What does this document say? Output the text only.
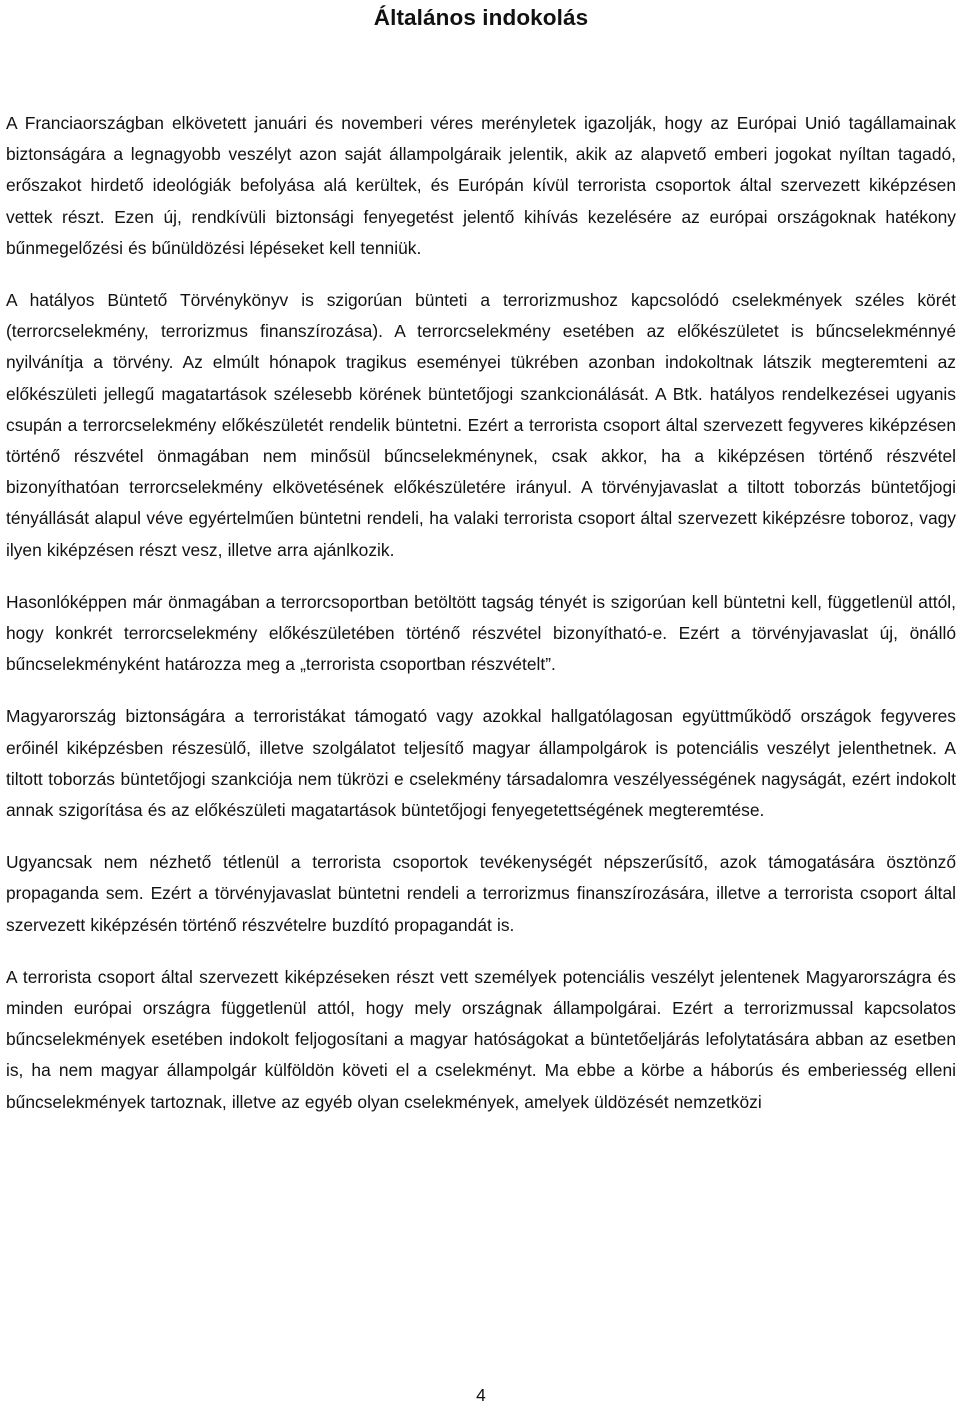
Általános indokolás

A Franciaországban elkövetett januári és novemberi véres merényletek igazolják, hogy az Európai Unió tagállamainak biztonságára a legnagyobb veszélyt azon saját állampolgáraik jelentik, akik az alapvető emberi jogokat nyíltan tagadó, erőszakot hirdető ideológiák befolyása alá kerültek, és Európán kívül terrorista csoportok által szervezett kiképzésen vettek részt. Ezen új, rendkívüli biztonsági fenyegetést jelentő kihívás kezelésére az európai országoknak hatékony bűnmegelőzési és bűnüldözési lépéseket kell tenniük.

A hatályos Büntető Törvénykönyv is szigorúan bünteti a terrorizmushoz kapcsolódó cselekmények széles körét (terrorcselekmény, terrorizmus finanszírozása). A terrorcselekmény esetében az előkészületet is bűncselekménnyé nyilvánítja a törvény. Az elmúlt hónapok tragikus eseményei tükrében azonban indokoltnak látszik megteremteni az előkészületi jellegű magatartások szélesebb körének büntetőjogi szankcionálását. A Btk. hatályos rendelkezései ugyanis csupán a terrorcselekmény előkészületét rendelik büntetni. Ezért a terrorista csoport által szervezett fegyveres kiképzésen történő részvétel önmagában nem minősül bűncselekménynek, csak akkor, ha a kiképzésen történő részvétel bizonyíthatóan terrorcselekmény elkövetésének előkészületére irányul. A törvényjavaslat a tiltott toborzás büntetőjogi tényállását alapul véve egyértelműen büntetni rendeli, ha valaki terrorista csoport által szervezett kiképzésre toboroz, vagy ilyen kiképzésen részt vesz, illetve arra ajánlkozik.

Hasonlóképpen már önmagában a terrorcsoportban betöltött tagság tényét is szigorúan kell büntetni kell, függetlenül attól, hogy konkrét terrorcselekmény előkészületében történő részvétel bizonyítható-e. Ezért a törvényjavaslat új, önálló bűncselekményként határozza meg a „terrorista csoportban részvételt”.

Magyarország biztonságára a terroristákat támogató vagy azokkal hallgatólagosan együttműködő országok fegyveres erőinél kiképzésben részesülő, illetve szolgálatot teljesítő magyar állampolgárok is potenciális veszélyt jelenthetnek. A tiltott toborzás büntetőjogi szankciója nem tükrözi e cselekmény társadalomra veszélyességének nagyságát, ezért indokolt annak szigorítása és az előkészületi magatartások büntetőjogi fenyegetettségének megteremtése.

Ugyancsak nem nézhető tétlenül a terrorista csoportok tevékenységét népszerűsítő, azok támogatására ösztönző propaganda sem. Ezért a törvényjavaslat büntetni rendeli a terrorizmus finanszírozására, illetve a terrorista csoport által szervezett kiképzésén történő részvételre buzdító propagandát is.

A terrorista csoport által szervezett kiképzéseken részt vett személyek potenciális veszélyt jelentenek Magyarországra és minden európai országra függetlenül attól, hogy mely országnak állampolgárai. Ezért a terrorizmussal kapcsolatos bűncselekmények esetében indokolt feljogosítani a magyar hatóságokat a büntetőeljárás lefolytatására abban az esetben is, ha nem magyar állampolgár külföldön követi el a cselekményt. Ma ebbe a körbe a háborús és emberiesség elleni bűncselekmények tartoznak, illetve az egyéb olyan cselekmények, amelyek üldözését nemzetközi

4
